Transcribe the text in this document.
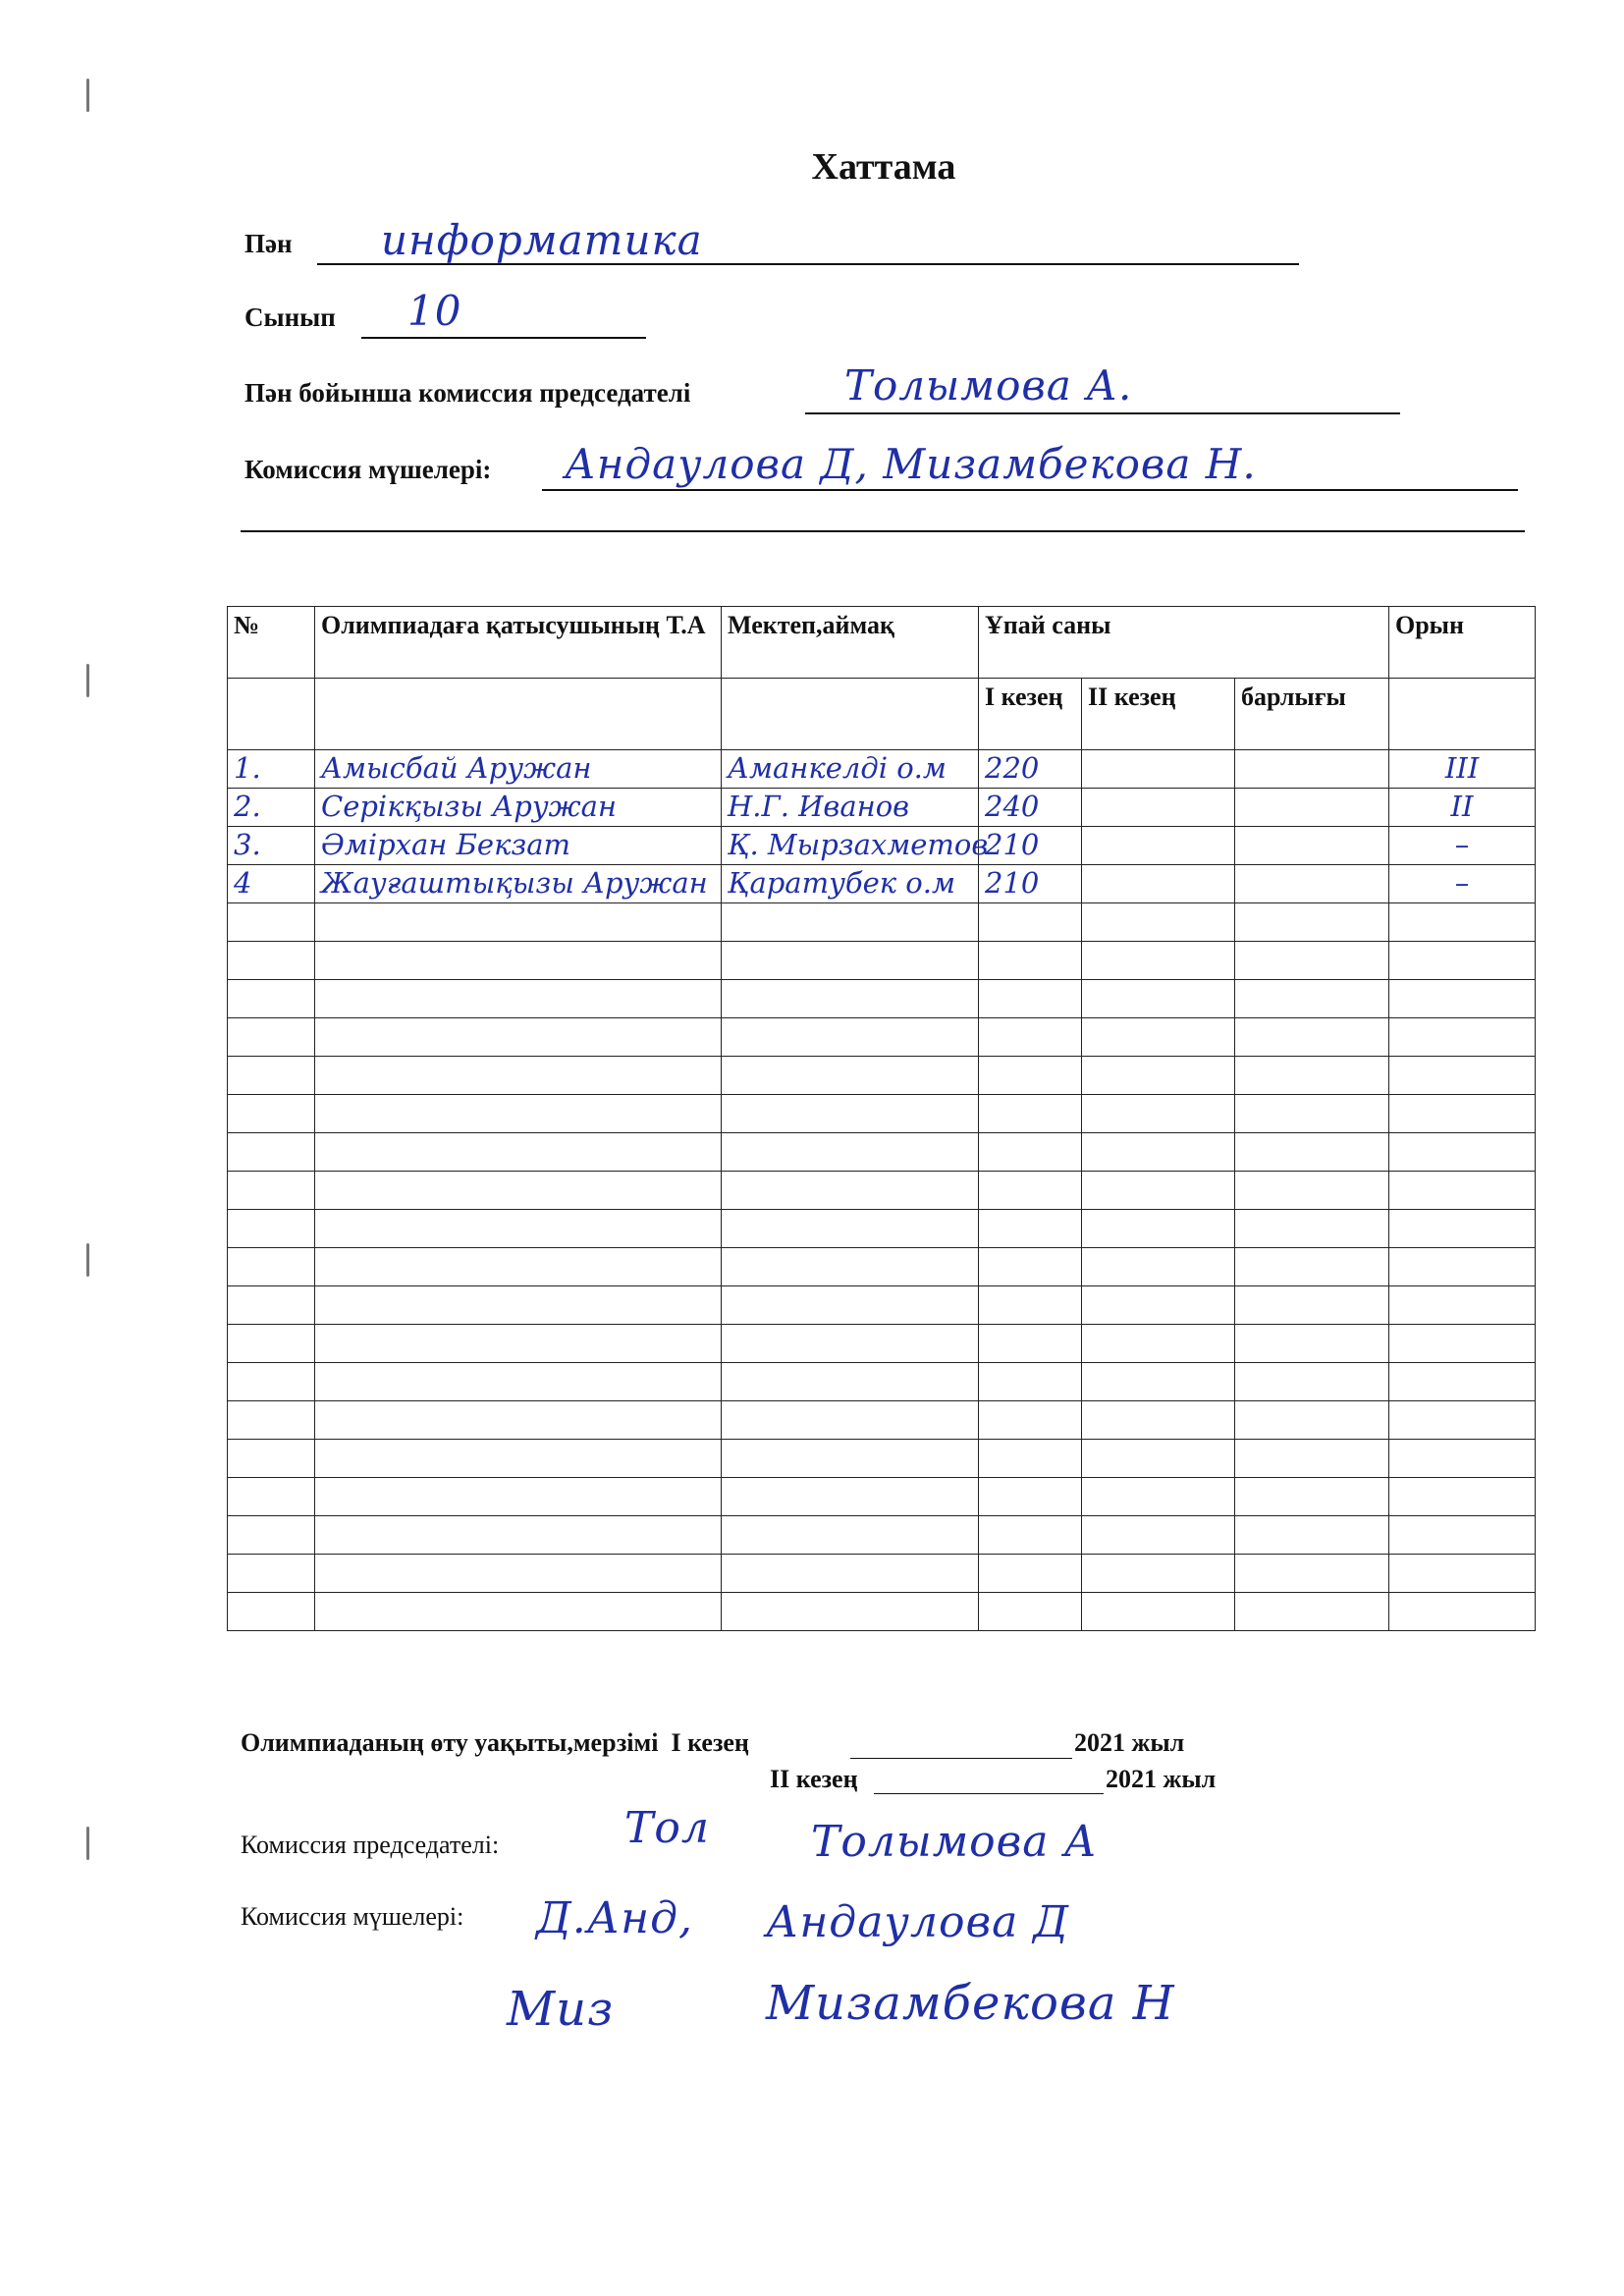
Хаттама
Пән информатика
Сынып 10
Пән бойынша комиссия председателі	Толымова А.
Комиссия мүшелері: Андаулова Д, Мизамбекова Н.
№	Олимпиадаға қатысушының Т.А	Мектеп,аймақ	Ұпай саны			Орын
			I кезең	II кезең	барлығы	
1.	Амысбай Аружан	Аманкелді о.м	220			III
2.	Серікқызы Аружан	Н.Г. Иванов	240			II
3.	Әмірхан Бекзат	Қ. Мырзахметов	210			–
4	Жауғаштықызы Аружан	Қаратубек о.м	210			–

Олимпиаданың өту уақыты,мерзімі I кезең	2021 жыл
II кезең	2021 жыл
Комиссия председателі:	Тол Толымова А
Комиссия мүшелері: Д.Анд, Андаулова Д
Миз	Мизамбекова Н
